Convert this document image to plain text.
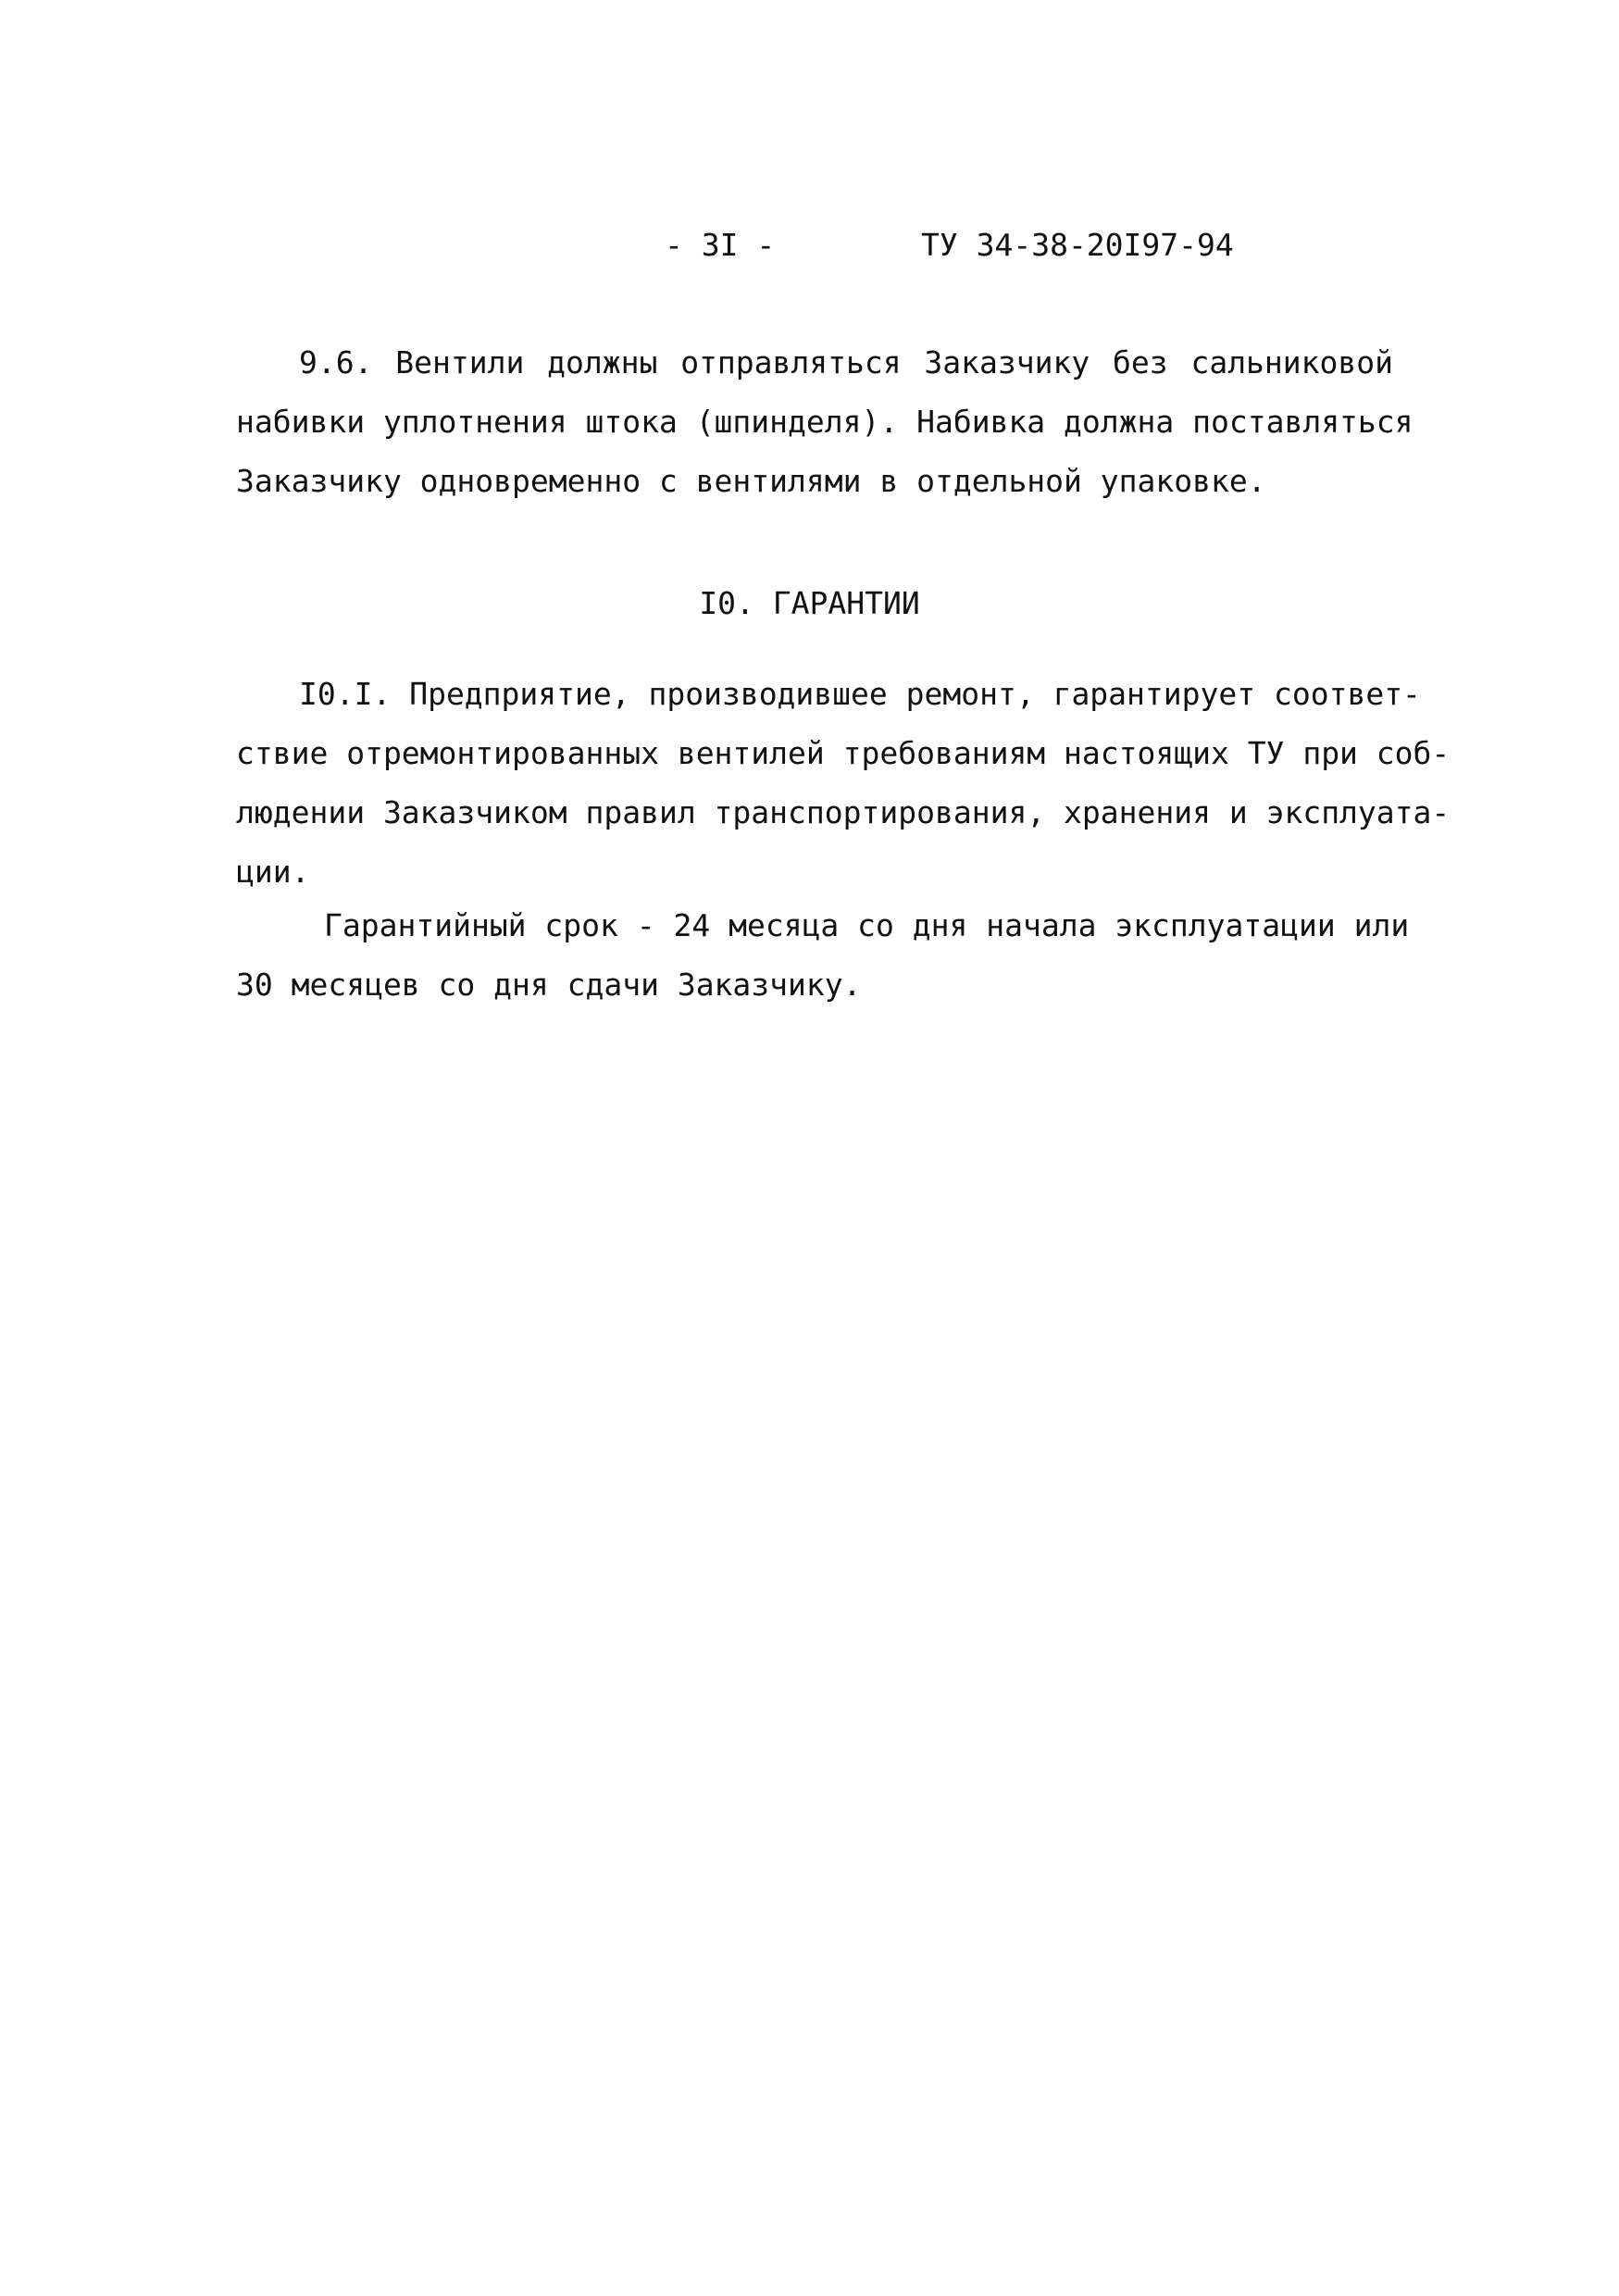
- 3I -	ТУ 34-38-20I97-94
9.6. Вентили должны отправляться Заказчику без сальниковой
набивки уплотнения штока (шпинделя). Набивка должна поставляться
Заказчику одновременно с вентилями в отдельной упаковке.
I0. ГАРАНТИИ
I0.I. Предприятие, производившее ремонт, гарантирует соответ-
ствие отремонтированных вентилей требованиям настоящих ТУ при соб-
людении Заказчиком правил транспортирования, хранения и эксплуата-
ции.
Гарантийный срок - 24 месяца со дня начала эксплуатации или
30 месяцев со дня сдачи Заказчику.
